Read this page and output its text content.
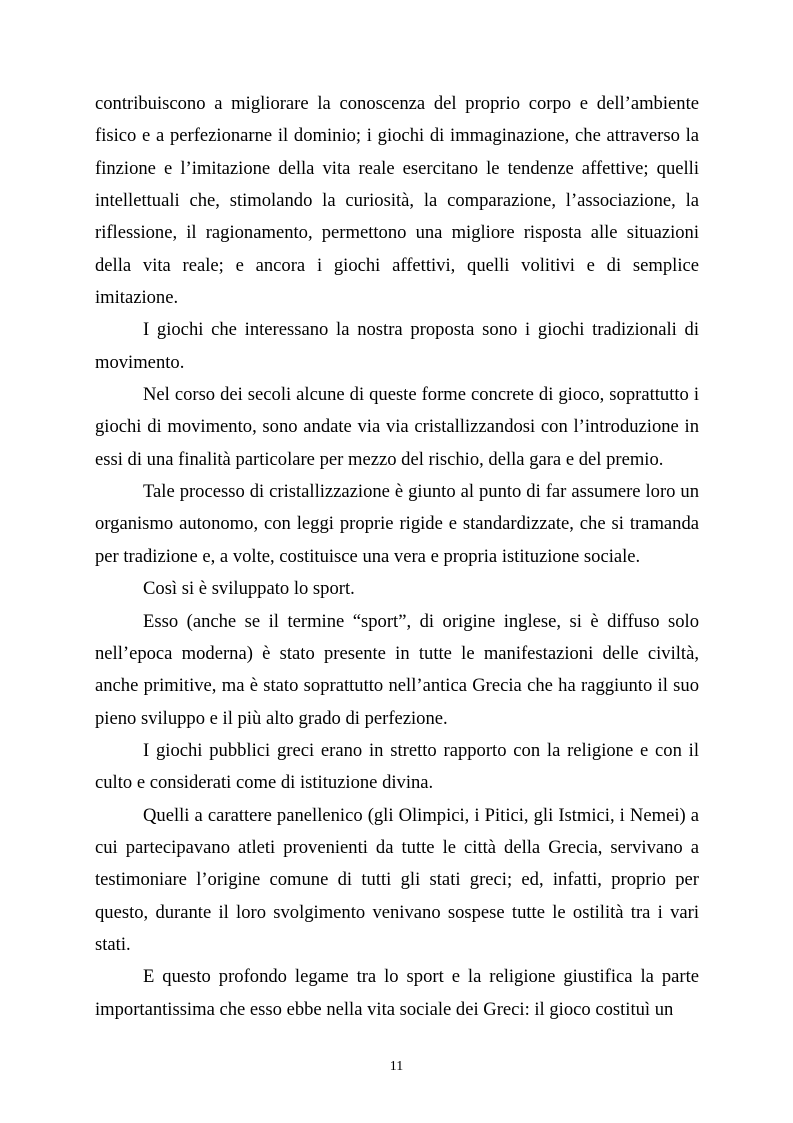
contribuiscono a migliorare la conoscenza del proprio corpo e dell’ambiente fisico e a perfezionarne il dominio; i giochi di immaginazione, che attraverso la finzione e l’imitazione della vita reale esercitano le tendenze affettive; quelli intellettuali che, stimolando la curiosità, la comparazione, l’associazione, la riflessione, il ragionamento, permettono una migliore risposta alle situazioni della vita reale; e ancora i giochi affettivi, quelli volitivi e di semplice imitazione.

I giochi che interessano la nostra proposta sono i giochi tradizionali di movimento.

Nel corso dei secoli alcune di queste forme concrete di gioco, soprattutto i giochi di movimento, sono andate via via cristallizzandosi con l’introduzione in essi di una finalità particolare per mezzo del rischio, della gara e del premio.

Tale processo di cristallizzazione è giunto al punto di far assumere loro un organismo autonomo, con leggi proprie rigide e standardizzate, che si tramanda per tradizione e, a volte, costituisce una vera e propria istituzione sociale.

Così si è sviluppato lo sport.

Esso (anche se il termine “sport”, di origine inglese, si è diffuso solo nell’epoca moderna) è stato presente in tutte le manifestazioni delle civiltà, anche primitive, ma è stato soprattutto nell’antica Grecia che ha raggiunto il suo pieno sviluppo e il più alto grado di perfezione.

I giochi pubblici greci erano in stretto rapporto con la religione e con il culto e considerati come di istituzione divina.

Quelli a carattere panellenico (gli Olimpici, i Pitici, gli Istmici, i Nemei) a cui partecipavano atleti provenienti da tutte le città della Grecia, servivano a testimoniare l’origine comune di tutti gli stati greci; ed, infatti, proprio per questo, durante il loro svolgimento venivano sospese tutte le ostilità tra i vari stati.

E questo profondo legame tra lo sport e la religione giustifica la parte importantissima che esso ebbe nella vita sociale dei Greci: il gioco costituì un

11
